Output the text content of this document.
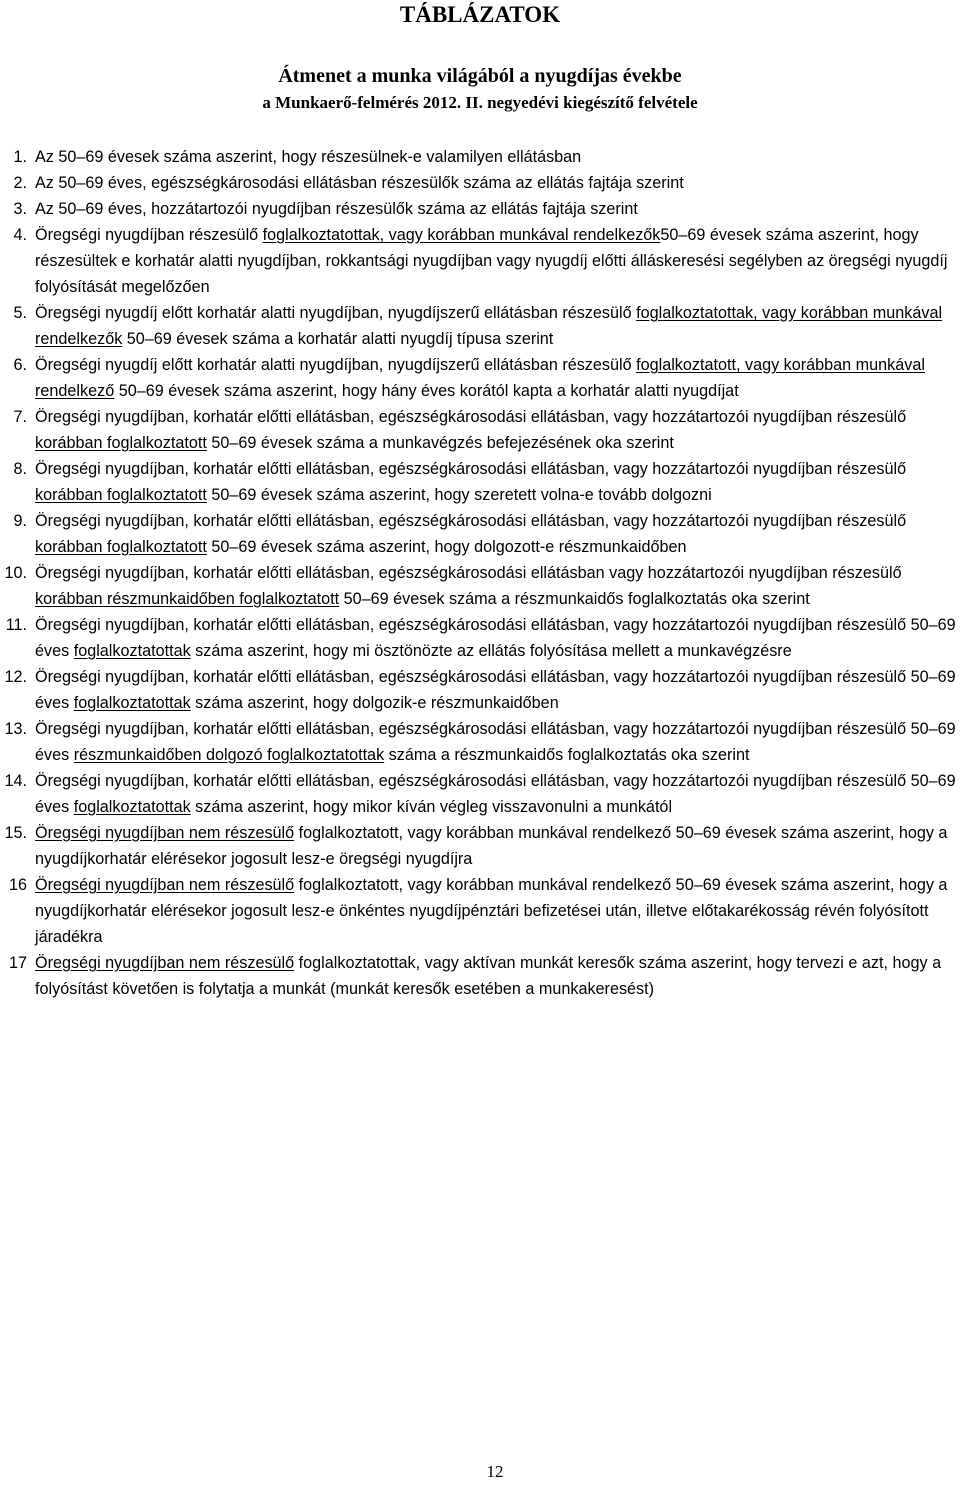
TÁBLÁZATOK
Átmenet a munka világából a nyugdíjas évekbe
a Munkaerő-felmérés 2012. II. negyedévi kiegészítő felvétele
1. Az 50–69 évesek száma aszerint, hogy részesülnek-e valamilyen ellátásban
2. Az 50–69 éves, egészségkárosodási ellátásban részesülők száma az ellátás fajtája szerint
3. Az 50–69 éves, hozzátartozói nyugdíjban részesülők száma az ellátás fajtája szerint
4. Öregségi nyugdíjban részesülő foglalkoztatottak, vagy korábban munkával rendelkezők50–69 évesek száma aszerint, hogy részesültek e korhatár alatti nyugdíjban, rokkantsági nyugdíjban vagy nyugdíj előtti álláskeresési segélyben az öregségi nyugdíj folyósítását megelőzően
5. Öregségi nyugdíj előtt korhatár alatti nyugdíjban, nyugdíjszerű ellátásban részesülő foglalkoztatottak, vagy korábban munkával rendelkezők 50–69 évesek száma a korhatár alatti nyugdíj típusa szerint
6. Öregségi nyugdíj előtt korhatár alatti nyugdíjban, nyugdíjszerű ellátásban részesülő foglalkoztatott, vagy korábban munkával rendelkező 50–69 évesek száma aszerint, hogy hány éves korától kapta a korhatár alatti nyugdíjat
7. Öregségi nyugdíjban, korhatár előtti ellátásban, egészségkárosodási ellátásban, vagy hozzátartozói nyugdíjban részesülő korábban foglalkoztatott 50–69 évesek száma a munkavégzés befejezésének oka szerint
8. Öregségi nyugdíjban, korhatár előtti ellátásban, egészségkárosodási ellátásban, vagy hozzátartozói nyugdíjban részesülő korábban foglalkoztatott 50–69 évesek száma aszerint, hogy szeretett volna-e tovább dolgozni
9. Öregségi nyugdíjban, korhatár előtti ellátásban, egészségkárosodási ellátásban, vagy hozzátartozói nyugdíjban részesülő korábban foglalkoztatott 50–69 évesek száma aszerint, hogy dolgozott-e részmunkaidőben
10. Öregségi nyugdíjban, korhatár előtti ellátásban, egészségkárosodási ellátásban vagy hozzátartozói nyugdíjban részesülő korábban részmunkaidőben foglalkoztatott 50–69 évesek száma a részmunkaidős foglalkoztatás oka szerint
11. Öregségi nyugdíjban, korhatár előtti ellátásban, egészségkárosodási ellátásban, vagy hozzátartozói nyugdíjban részesülő 50–69 éves foglalkoztatottak száma aszerint, hogy mi ösztönözte az ellátás folyósítása mellett a munkavégzésre
12. Öregségi nyugdíjban, korhatár előtti ellátásban, egészségkárosodási ellátásban, vagy hozzátartozói nyugdíjban részesülő 50–69 éves foglalkoztatottak száma aszerint, hogy dolgozik-e részmunkaidőben
13. Öregségi nyugdíjban, korhatár előtti ellátásban, egészségkárosodási ellátásban, vagy hozzátartozói nyugdíjban részesülő 50–69 éves részmunkaidőben dolgozó foglalkoztatottak száma a részmunkaidős foglalkoztatás oka szerint
14. Öregségi nyugdíjban, korhatár előtti ellátásban, egészségkárosodási ellátásban, vagy hozzátartozói nyugdíjban részesülő 50–69 éves foglalkoztatottak száma aszerint, hogy mikor kíván végleg visszavonulni a munkától
15. Öregségi nyugdíjban nem részesülő foglalkoztatott, vagy korábban munkával rendelkező 50–69 évesek száma aszerint, hogy a nyugdíjkorhatár elérésekor jogosult lesz-e öregségi nyugdíjra
16 Öregségi nyugdíjban nem részesülő foglalkoztatott, vagy korábban munkával rendelkező 50–69 évesek száma aszerint, hogy a nyugdíjkorhatár elérésekor jogosult lesz-e önkéntes nyugdíjpénztári befizetései után, illetve előtakarékosság révén folyósított járadékra
17 Öregségi nyugdíjban nem részesülő foglalkoztatottak, vagy aktívan munkát keresők száma aszerint, hogy tervezi e azt, hogy a folyósítást követően is folytatja a munkát (munkát keresők esetében a munkakeresést)
12
